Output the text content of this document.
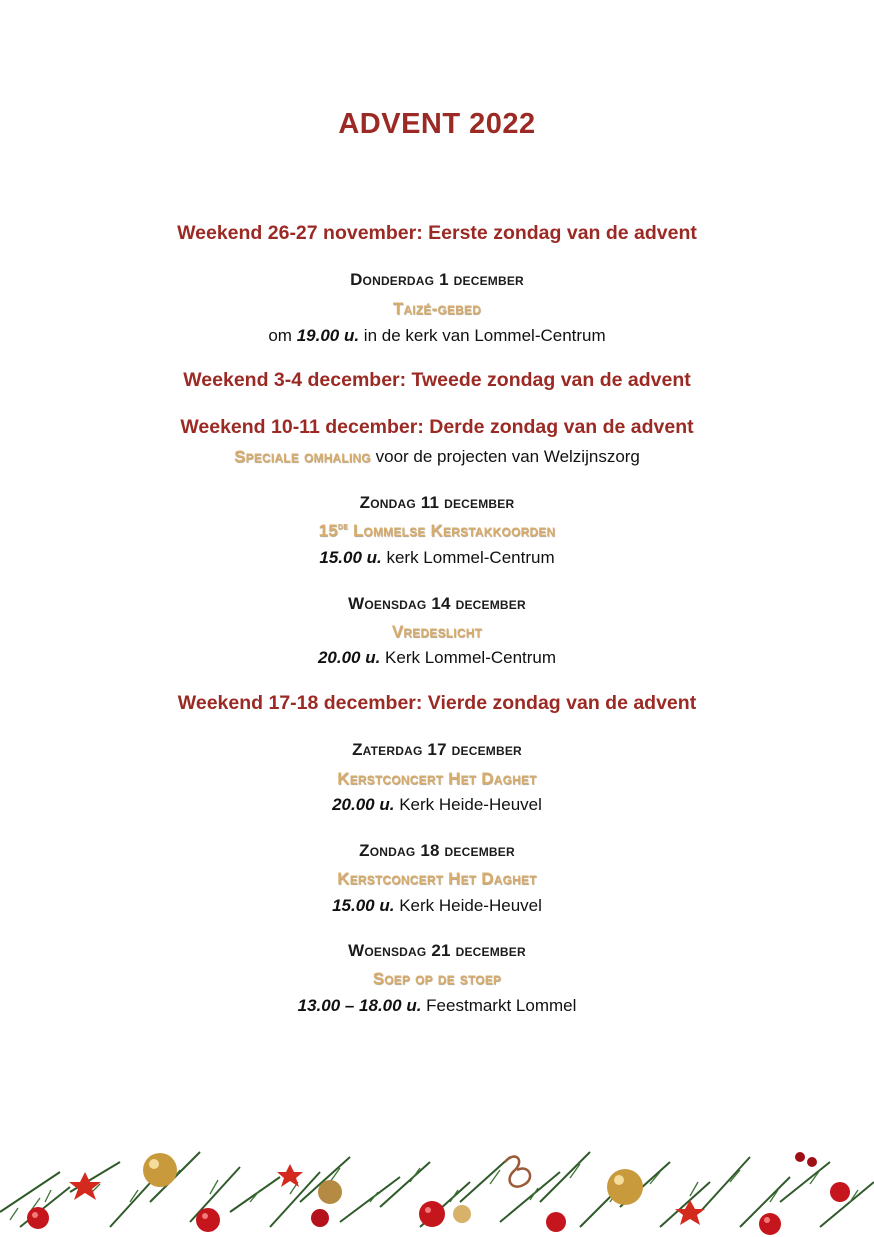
ADVENT 2022
Weekend 26-27 november: Eerste zondag van de advent
Donderdag 1 december
Taizé-gebed
om 19.00 u. in de kerk van Lommel-Centrum
Weekend 3-4 december: Tweede zondag van de advent
Weekend 10-11 december: Derde zondag van de advent
Speciale omhaling voor de projecten van Welzijnszorg
Zondag 11 december
15de Lommelse Kerstakkoorden
15.00 u. kerk Lommel-Centrum
Woensdag 14 december
Vredeslicht
20.00 u. Kerk Lommel-Centrum
Weekend 17-18 december: Vierde zondag van de advent
Zaterdag 17 december
Kerstconcert Het Daghet
20.00 u. Kerk Heide-Heuvel
Zondag 18 december
Kerstconcert Het Daghet
15.00 u. Kerk Heide-Heuvel
Woensdag 21 december
Soep op de stoep
13.00 – 18.00 u. Feestmarkt Lommel
